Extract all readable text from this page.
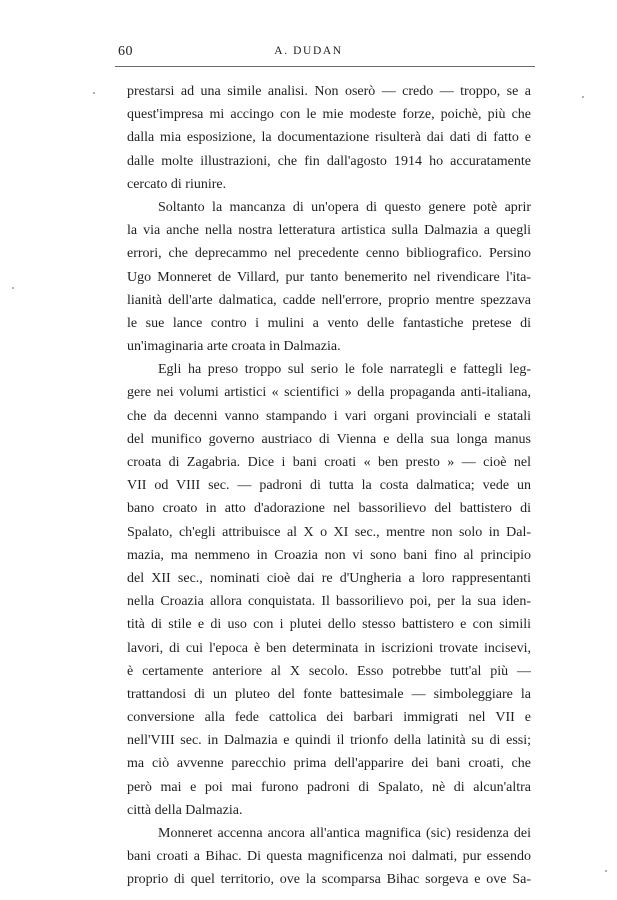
60	A. DUDAN
prestarsi ad una simile analisi. Non oserò — credo — troppo, se a
quest'impresa mi accingo con le mie modeste forze, poichè, più che
dalla mia esposizione, la documentazione risulterà dai dati di fatto e
dalle molte illustrazioni, che fin dall'agosto 1914 ho accuratamente
cercato di riunire.
Soltanto la mancanza di un'opera di questo genere potè aprir
la via anche nella nostra letteratura artistica sulla Dalmazia a quegli
errori, che deprecammo nel precedente cenno bibliografico. Persino
Ugo Monneret de Villard, pur tanto benemerito nel rivendicare l'ita-
lianità dell'arte dalmatica, cadde nell'errore, proprio mentre spezzava
le sue lance contro i mulini a vento delle fantastiche pretese di
un'imaginaria arte croata in Dalmazia.
Egli ha preso troppo sul serio le fole narrategli e fattegli leg-
gere nei volumi artistici « scientifici » della propaganda anti-italiana,
che da decenni vanno stampando i vari organi provinciali e statali
del munifico governo austriaco di Vienna e della sua longa manus
croata di Zagabria. Dice i bani croati « ben presto » — cioè nel
VII od VIII sec. — padroni di tutta la costa dalmatica; vede un
bano croato in atto d'adorazione nel bassorilievo del battistero di
Spalato, ch'egli attribuisce al X o XI sec., mentre non solo in Dal-
mazia, ma nemmeno in Croazia non vi sono bani fino al principio
del XII sec., nominati cioè dai re d'Ungheria a loro rappresentanti
nella Croazia allora conquistata. Il bassorilievo poi, per la sua iden-
tità di stile e di uso con i plutei dello stesso battistero e con simili
lavori, di cui l'epoca è ben determinata in iscrizioni trovate incisevi,
è certamente anteriore al X secolo. Esso potrebbe tutt'al più —
trattandosi di un pluteo del fonte battesimale — simboleggiare la
conversione alla fede cattolica dei barbari immigrati nel VII e
nell'VIII sec. in Dalmazia e quindi il trionfo della latinità su di essi;
ma ciò avvenne parecchio prima dell'apparire dei bani croati, che
però mai e poi mai furono padroni di Spalato, nè di alcun'altra
città della Dalmazia.
Monneret accenna ancora all'antica magnifica (sic) residenza dei
bani croati a Bihac. Di questa magnificenza noi dalmati, pur essendo
proprio di quel territorio, ove la scomparsa Bihac sorgeva e ove Sa-
